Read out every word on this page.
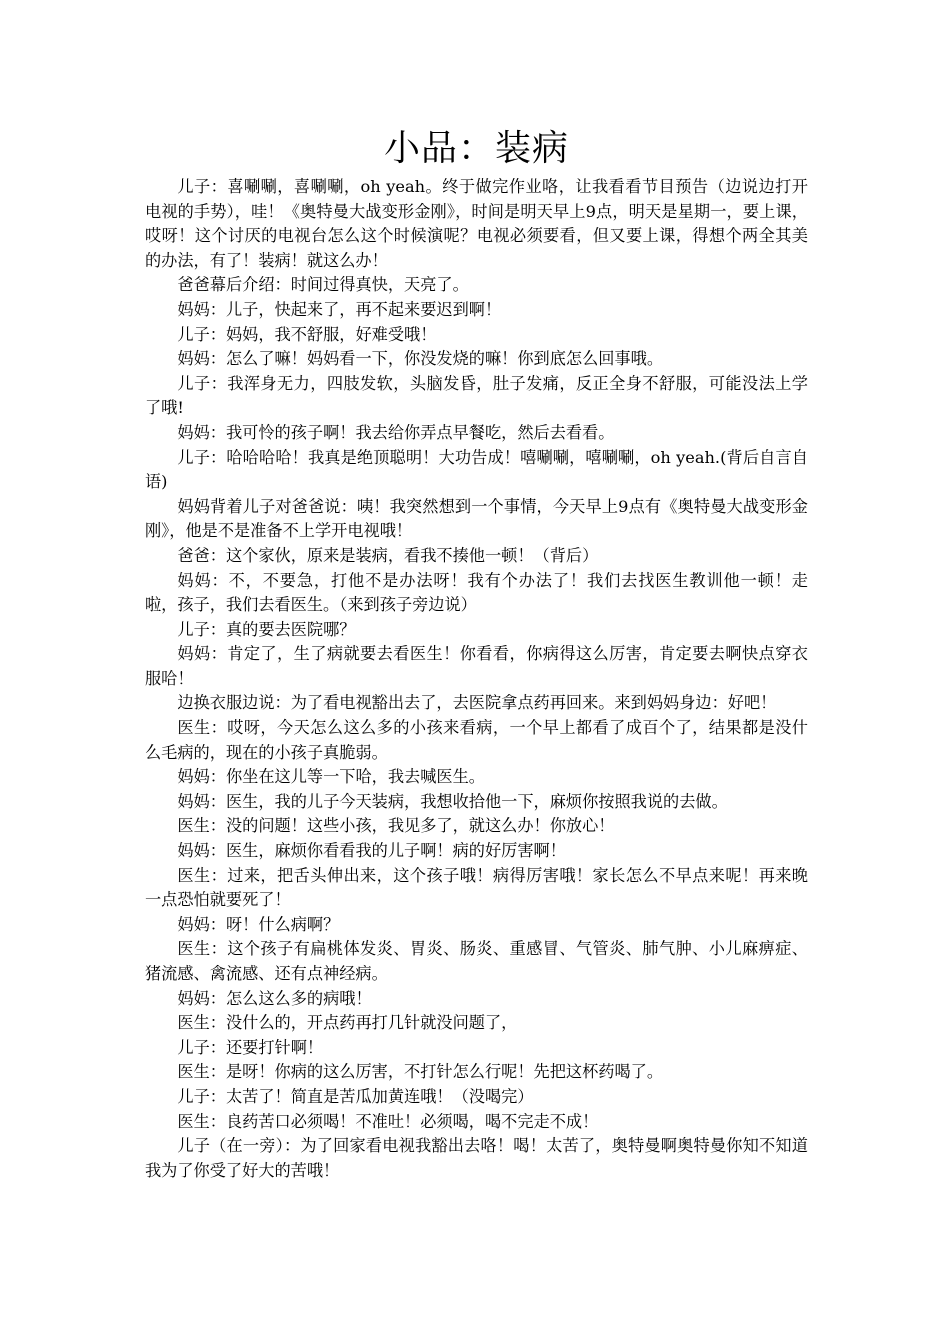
小品：装病

儿子：喜唰唰，喜唰唰，oh yeah。终于做完作业咯，让我看看节目预告（边说边打开电视的手势），哇！《奥特曼大战变形金刚》，时间是明天早上9点，明天是星期一，要上课，哎呀！这个讨厌的电视台怎么这个时候演呢？电视必须要看，但又要上课，得想个两全其美的办法，有了！装病！就这么办！

爸爸幕后介绍：时间过得真快，天亮了。

妈妈：儿子，快起来了，再不起来要迟到啊！

儿子：妈妈，我不舒服，好难受哦！

妈妈：怎么了嘛！妈妈看一下，你没发烧的嘛！你到底怎么回事哦。

儿子：我浑身无力，四肢发软，头脑发昏，肚子发痛，反正全身不舒服，可能没法上学了哦!

妈妈：我可怜的孩子啊！我去给你弄点早餐吃，然后去看看。

儿子：哈哈哈哈！我真是绝顶聪明！大功告成！嘻唰唰，嘻唰唰，oh yeah.(背后自言自语)

妈妈背着儿子对爸爸说：咦！我突然想到一个事情，今天早上9点有《奥特曼大战变形金刚》，他是不是准备不上学开电视哦！

爸爸：这个家伙，原来是装病，看我不揍他一顿！（背后）

妈妈：不，不要急，打他不是办法呀！我有个办法了！我们去找医生教训他一顿！走啦，孩子，我们去看医生。（来到孩子旁边说）

儿子：真的要去医院哪？

妈妈：肯定了，生了病就要去看医生！你看看，你病得这么厉害，肯定要去啊快点穿衣服哈！

边换衣服边说：为了看电视豁出去了，去医院拿点药再回来。来到妈妈身边：好吧！

医生：哎呀，今天怎么这么多的小孩来看病，一个早上都看了成百个了，结果都是没什么毛病的，现在的小孩子真脆弱。

妈妈：你坐在这儿等一下哈，我去喊医生。

妈妈：医生，我的儿子今天装病，我想收拾他一下，麻烦你按照我说的去做。

医生：没的问题！这些小孩，我见多了，就这么办！你放心！

妈妈：医生，麻烦你看看我的儿子啊！病的好厉害啊！

医生：过来，把舌头伸出来，这个孩子哦！病得厉害哦！家长怎么不早点来呢！再来晚一点恐怕就要死了！

妈妈：呀！什么病啊？

医生：这个孩子有扁桃体发炎、胃炎、肠炎、重感冒、气管炎、肺气肿、小儿麻痹症、猪流感、禽流感、还有点神经病。

妈妈：怎么这么多的病哦！

医生：没什么的，开点药再打几针就没问题了，

儿子：还要打针啊！

医生：是呀！你病的这么厉害，不打针怎么行呢！先把这杯药喝了。

儿子：太苦了！简直是苦瓜加黄连哦！（没喝完）

医生：良药苦口必须喝！不准吐！必须喝，喝不完走不成！

儿子（在一旁）：为了回家看电视我豁出去咯！喝！太苦了，奥特曼啊奥特曼你知不知道我为了你受了好大的苦哦！
